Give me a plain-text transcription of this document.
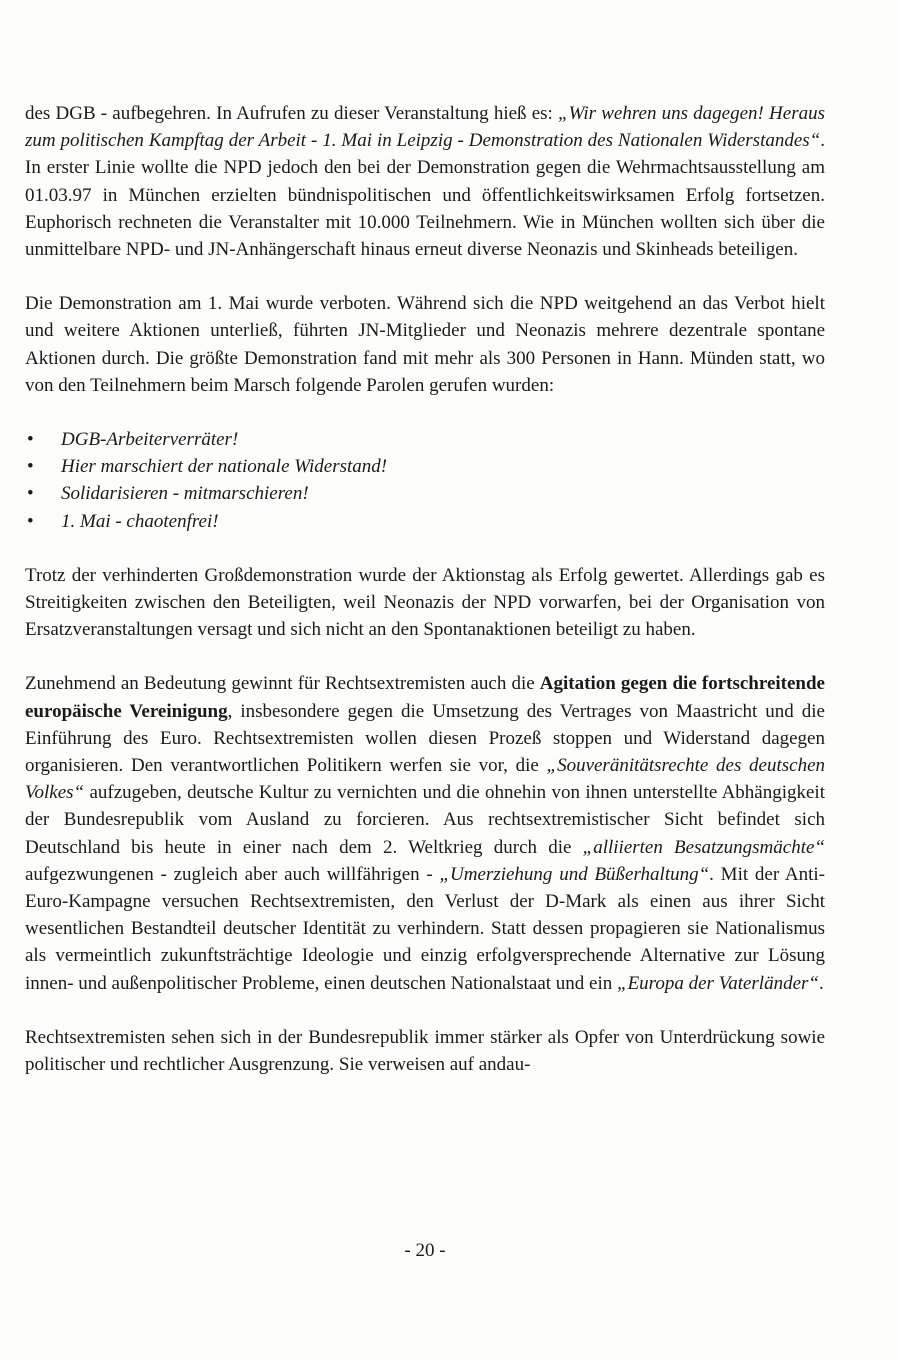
des DGB - aufbegehren. In Aufrufen zu dieser Veranstaltung hieß es: „Wir wehren uns dagegen! Heraus zum politischen Kampftag der Arbeit - 1. Mai in Leipzig - Demonstration des Nationalen Widerstandes“. In erster Linie wollte die NPD jedoch den bei der Demonstration gegen die Wehrmachtsausstellung am 01.03.97 in München erzielten bündnispolitischen und öffentlichkeitswirksamen Erfolg fortsetzen. Euphorisch rechneten die Veranstalter mit 10.000 Teilnehmern. Wie in München wollten sich über die unmittelbare NPD- und JN-Anhängerschaft hinaus erneut diverse Neonazis und Skinheads beteiligen.

Die Demonstration am 1. Mai wurde verboten. Während sich die NPD weitgehend an das Verbot hielt und weitere Aktionen unterließ, führten JN-Mitglieder und Neonazis mehrere dezentrale spontane Aktionen durch. Die größte Demonstration fand mit mehr als 300 Personen in Hann. Münden statt, wo von den Teilnehmern beim Marsch folgende Parolen gerufen wurden:

• DGB-Arbeiterverräter!
• Hier marschiert der nationale Widerstand!
• Solidarisieren - mitmarschieren!
• 1. Mai - chaotenfrei!

Trotz der verhinderten Großdemonstration wurde der Aktionstag als Erfolg gewertet. Allerdings gab es Streitigkeiten zwischen den Beteiligten, weil Neonazis der NPD vorwarfen, bei der Organisation von Ersatzveranstaltungen versagt und sich nicht an den Spontanaktionen beteiligt zu haben.

Zunehmend an Bedeutung gewinnt für Rechtsextremisten auch die Agitation gegen die fortschreitende europäische Vereinigung, insbesondere gegen die Umsetzung des Vertrages von Maastricht und die Einführung des Euro. Rechtsextremisten wollen diesen Prozeß stoppen und Widerstand dagegen organisieren. Den verantwortlichen Politikern werfen sie vor, die „Souveränitätsrechte des deutschen Volkes“ aufzugeben, deutsche Kultur zu vernichten und die ohnehin von ihnen unterstellte Abhängigkeit der Bundesrepublik vom Ausland zu forcieren. Aus rechtsextremistischer Sicht befindet sich Deutschland bis heute in einer nach dem 2. Weltkrieg durch die „alliierten Besatzungsmächte“ aufgezwungenen - zugleich aber auch willfährigen - „Umerziehung und Büßerhaltung“. Mit der Anti-Euro-Kampagne versuchen Rechtsextremisten, den Verlust der D-Mark als einen aus ihrer Sicht wesentlichen Bestandteil deutscher Identität zu verhindern. Statt dessen propagieren sie Nationalismus als vermeintlich zukunftsträchtige Ideologie und einzig erfolgversprechende Alternative zur Lösung innen- und außenpolitischer Probleme, einen deutschen Nationalstaat und ein „Europa der Vaterländer“.

Rechtsextremisten sehen sich in der Bundesrepublik immer stärker als Opfer von Unterdrückung sowie politischer und rechtlicher Ausgrenzung. Sie verweisen auf andau-

- 20 -
